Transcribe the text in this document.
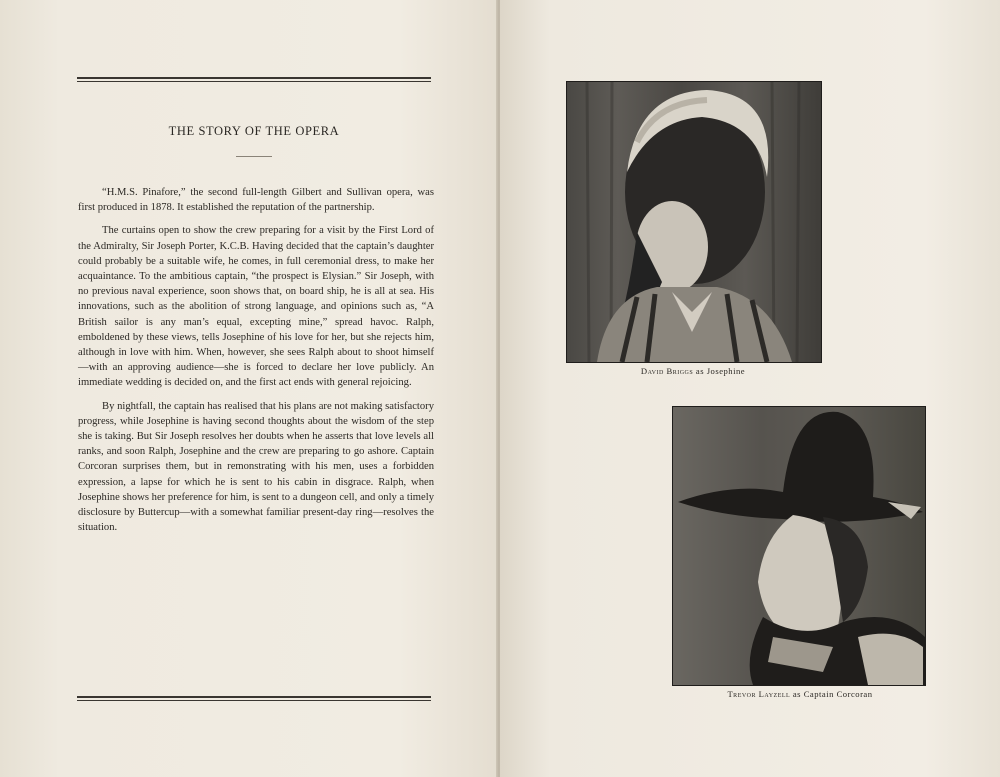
THE STORY OF THE OPERA

“H.M.S. Pinafore,” the second full-length Gilbert and Sullivan opera, was first produced in 1878. It established the reputation of the partnership.

The curtains open to show the crew preparing for a visit by the First Lord of the Admiralty, Sir Joseph Porter, K.C.B. Having decided that the captain’s daughter could probably be a suitable wife, he comes, in full ceremonial dress, to make her acquaintance. To the ambitious captain, “the prospect is Elysian.” Sir Joseph, with no previous naval experience, soon shows that, on board ship, he is all at sea. His innovations, such as the abolition of strong language, and opinions such as, “A British sailor is any man’s equal, excepting mine,” spread havoc. Ralph, emboldened by these views, tells Josephine of his love for her, but she rejects him, although in love with him. When, however, she sees Ralph about to shoot himself—with an approving audience—she is forced to declare her love publicly. An immediate wedding is decided on, and the first act ends with general rejoicing.

By nightfall, the captain has realised that his plans are not making satisfactory progress, while Josephine is having second thoughts about the wisdom of the step she is taking. But Sir Joseph resolves her doubts when he asserts that love levels all ranks, and soon Ralph, Josephine and the crew are preparing to go ashore. Captain Corcoran surprises them, but in remonstrating with his men, uses a forbidden expression, a lapse for which he is sent to his cabin in disgrace. Ralph, when Josephine shows her preference for him, is sent to a dungeon cell, and only a timely disclosure by Buttercup—with a somewhat familiar present-day ring—resolves the situation.

David Briggs as Josephine
Trevor Layzell as Captain Corcoran
